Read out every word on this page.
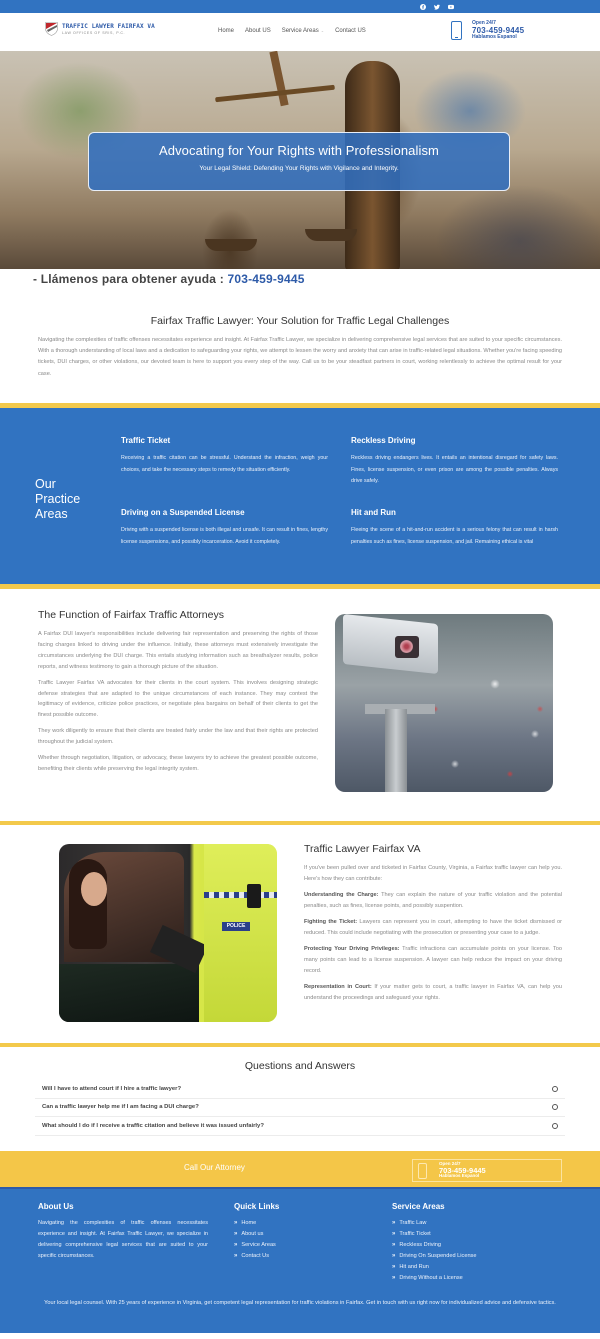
TRAFFIC LAWYER FAIRFAX VA
LAW OFFICES OF SRIS, P.C.	Home About US Service Areas ⌄ Contact US
Open 24/7
703-459-9445
Hablamos Espanol
Advocating for Your Rights with Professionalism
Your Legal Shield: Defending Your Rights with Vigilance and Integrity.
- Llámenos para obtener ayuda : 703-459-9445
Fairfax Traffic Lawyer: Your Solution for Traffic Legal Challenges

Navigating the complexities of traffic offenses necessitates experience and insight. At Fairfax Traffic Lawyer, we specialize in delivering comprehensive legal services that are suited to your specific circumstances. With a thorough understanding of local laws and a dedication to safeguarding your rights, we attempt to lessen the worry and anxiety that can arise in traffic-related legal situations. Whether you're facing speeding tickets, DUI charges, or other violations, our devoted team is here to support you every step of the way. Call us to be your steadfast partners in court, working relentlessly to achieve the optimal result for your case.

Our
Practice
Areas
Traffic Ticket

Receiving a traffic citation can be stressful. Understand the infraction, weigh your choices, and take the necessary steps to remedy the situation efficiently.

Reckless Driving

Reckless driving endangers lives. It entails an intentional disregard for safety laws. Fines, license suspension, or even prison are among the possible penalties. Always drive safely.

Driving on a Suspended License

Driving with a suspended license is both illegal and unsafe. It can result in fines, lengthy license suspensions, and possibly incarceration. Avoid it completely.

Hit and Run

Fleeing the scene of a hit-and-run accident is a serious felony that can result in harsh penalties such as fines, license suspension, and jail. Remaining ethical is vital

The Function of Fairfax Traffic Attorneys

A Fairfax DUI lawyer's responsibilities include delivering fair representation and preserving the rights of those facing charges linked to driving under the influence. Initially, these attorneys must extensively investigate the circumstances underlying the DUI charge. This entails studying information such as breathalyzer results, police reports, and witness testimony to gain a thorough picture of the situation.

Traffic Lawyer Fairfax VA advocates for their clients in the court system. This involves designing strategic defense strategies that are adapted to the unique circumstances of each instance. They may contest the legitimacy of evidence, criticize police practices, or negotiate plea bargains on behalf of their clients to get the finest possible outcome.

They work diligently to ensure that their clients are treated fairly under the law and that their rights are protected throughout the judicial system.

Whether through negotiation, litigation, or advocacy, these lawyers try to achieve the greatest possible outcome, benefiting their clients while preserving the legal integrity system.

POLICE
Traffic Lawyer Fairfax VA

If you've been pulled over and ticketed in Fairfax County, Virginia, a Fairfax traffic lawyer can help you. Here's how they can contribute:

Understanding the Charge: They can explain the nature of your traffic violation and the potential penalties, such as fines, license points, and possibly suspention.

Fighting the Ticket: Lawyers can represent you in court, attempting to have the ticket dismissed or reduced. This could include negotiating with the prosecution or presenting your case to a judge.

Protecting Your Driving Privileges: Traffic infractions can accumulate points on your license. Too many points can lead to a license suspension. A lawyer can help reduce the impact on your driving record.

Representation in Court: If your matter gets to court, a traffic lawyer in Fairfax VA, can help you understand the proceedings and safeguard your rights.

Questions and Answers
Will I have to attend court if I hire a traffic lawyer?
Can a traffic lawyer help me if I am facing a DUI charge?
What should I do if I receive a traffic citation and believe it was issued unfairly?
Call Our Attorney	Open 24/7
703-459-9445
Hablamos Espanol
About Us

Navigating the complexities of traffic offenses necessitates experience and insight. At Fairfax Traffic Lawyer, we specialize in delivering comprehensive legal services that are suited to your specific circumstances.

Quick Links
» Home
» About us
» Service Areas
» Contact Us
Service Areas
» Traffic Law
» Traffic Ticket
» Reckless Driving
» Driving On Suspended License
» Hit and Run
» Driving Without a License
Your local legal counsel. With 25 years of experience in Virginia, get competent legal representation for traffic violations in Fairfax. Get in touch with us right now for individualized advice and defensive tactics.
